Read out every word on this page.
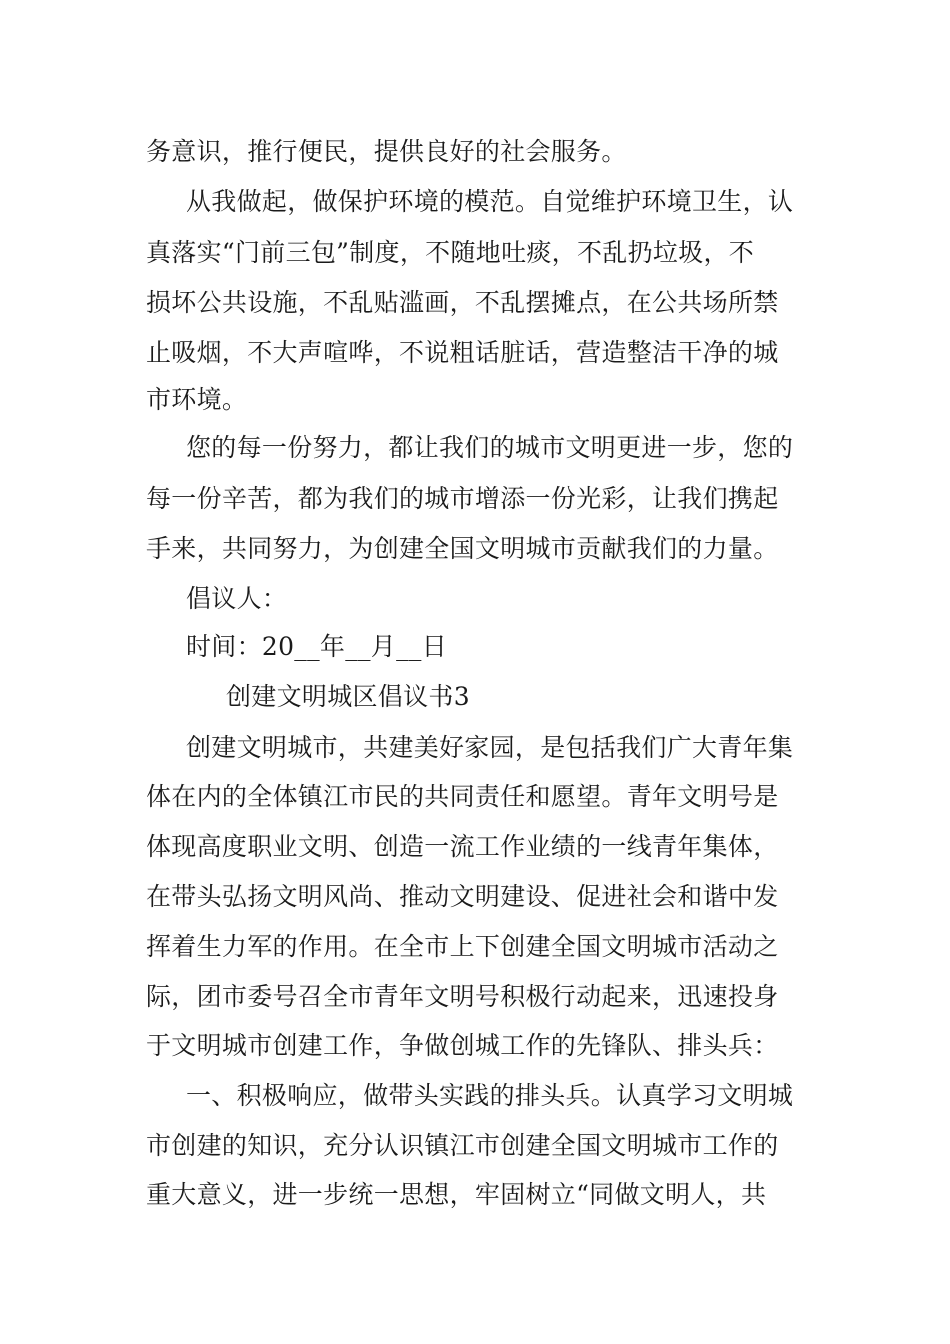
务意识，推行便民，提供良好的社会服务。

从我做起，做保护环境的模范。自觉维护环境卫生，认

真落实“门前三包”制度，不随地吐痰，不乱扔垃圾，不

损坏公共设施，不乱贴滥画，不乱摆摊点，在公共场所禁

止吸烟，不大声喧哗，不说粗话脏话，营造整洁干净的城

市环境。

您的每一份努力，都让我们的城市文明更进一步，您的

每一份辛苦，都为我们的城市增添一份光彩，让我们携起

手来，共同努力，为创建全国文明城市贡献我们的力量。

倡议人：

时间：20__年__月__日

创建文明城区倡议书3

创建文明城市，共建美好家园，是包括我们广大青年集

体在内的全体镇江市民的共同责任和愿望。青年文明号是

体现高度职业文明、创造一流工作业绩的一线青年集体，

在带头弘扬文明风尚、推动文明建设、促进社会和谐中发

挥着生力军的作用。在全市上下创建全国文明城市活动之

际，团市委号召全市青年文明号积极行动起来，迅速投身

于文明城市创建工作，争做创城工作的先锋队、排头兵：

一、积极响应，做带头实践的排头兵。认真学习文明城

市创建的知识，充分认识镇江市创建全国文明城市工作的

重大意义，进一步统一思想，牢固树立“同做文明人，共
